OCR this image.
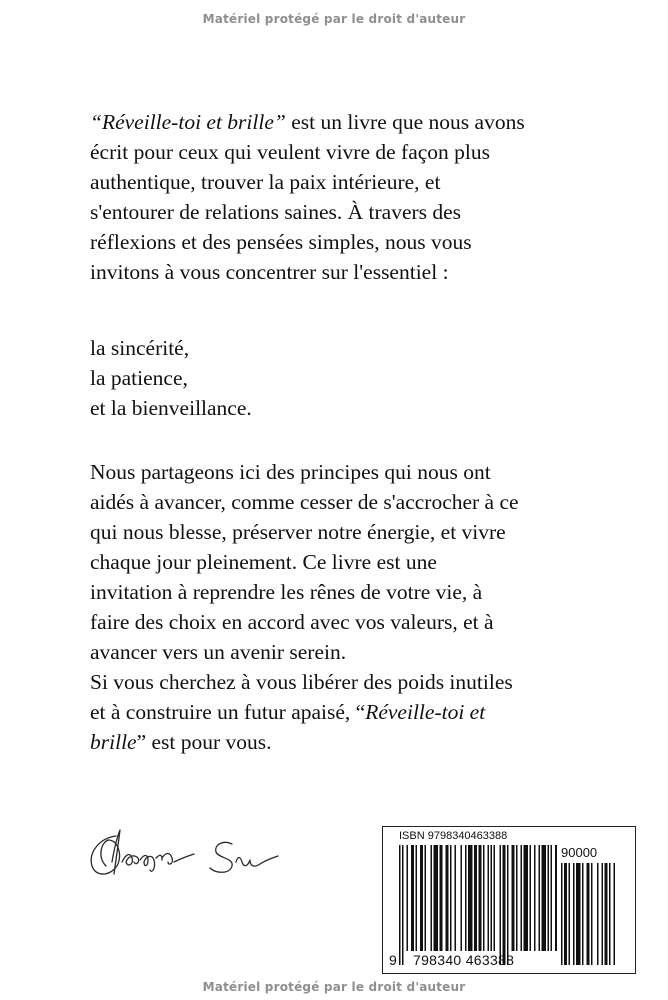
Matériel protégé par le droit d'auteur

“Réveille-toi et brille” est un livre que nous avons

écrit pour ceux qui veulent vivre de façon plus

authentique, trouver la paix intérieure, et

s'entourer de relations saines. À travers des

réflexions et des pensées simples, nous vous

invitons à vous concentrer sur l'essentiel :

la sincérité,

la patience,

et la bienveillance.

Nous partageons ici des principes qui nous ont

aidés à avancer, comme cesser de s'accrocher à ce

qui nous blesse, préserver notre énergie, et vivre

chaque jour pleinement. Ce livre est une

invitation à reprendre les rênes de votre vie, à

faire des choix en accord avec vos valeurs, et à

avancer vers un avenir serein.

Si vous cherchez à vous libérer des poids inutiles

et à construire un futur apaisé, “Réveille-toi et

brille” est pour vous.

ISBN 9798340463388
90000
9 798340 463388
Matériel protégé par le droit d'auteur
